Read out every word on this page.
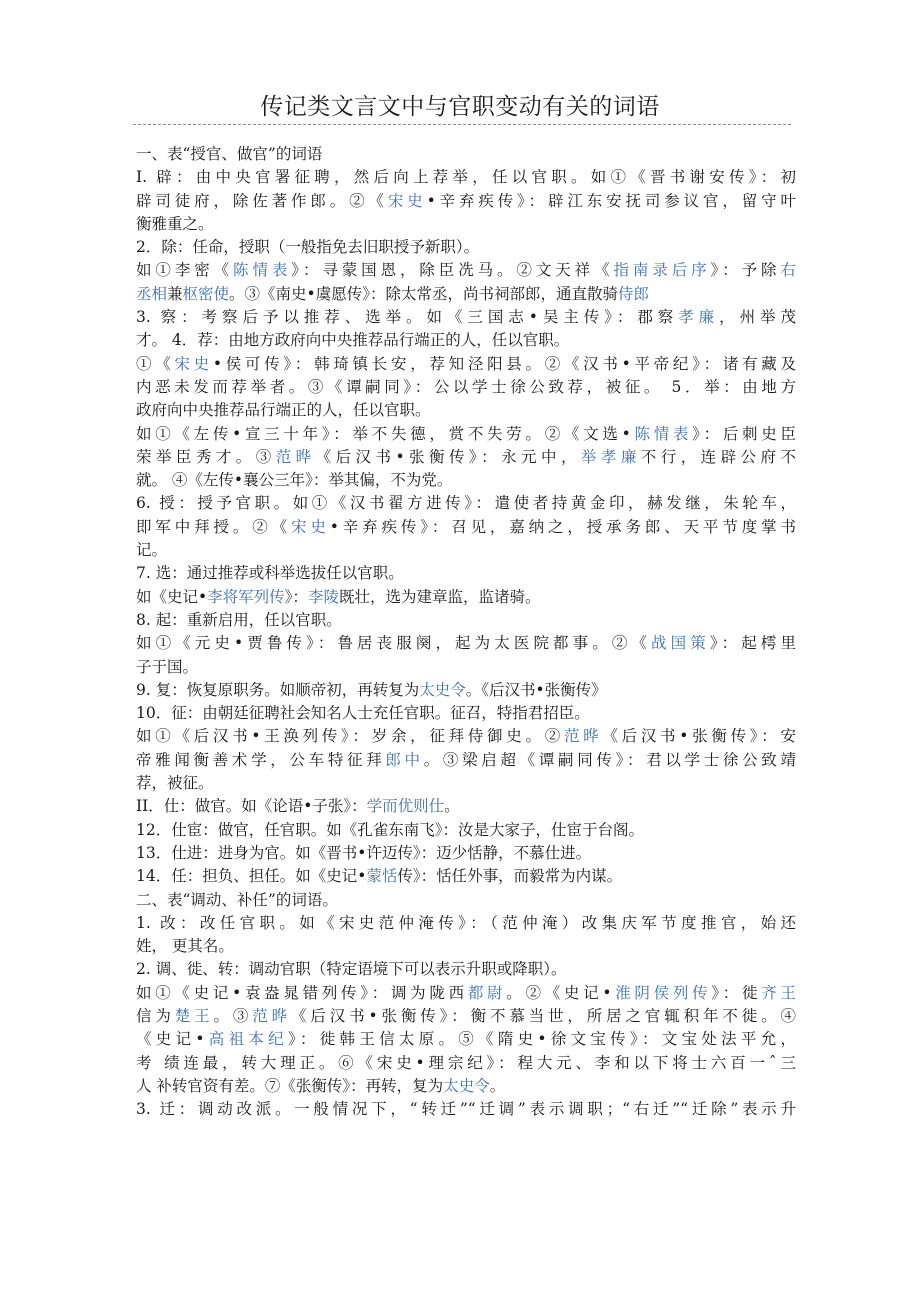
传记类文言文中与官职变动有关的词语
一、表“授官、做官”的词语
I. 辟：由中央官署征聘，然后向上荐举，任以官职。如①《晋书谢安传》：初
辟司徒府，除佐著作郎。②《宋史•辛弃疾传》：辟江东安抚司参议官，留守叶
衡雅重之。
2．除：任命，授职（一般指免去旧职授予新职）。
如①李密《陈情表》：寻蒙国恩，除臣冼马。②文天祥《指南录后序》：予除右
丞相兼枢密使。③《南史•虞愿传》：除太常丞，尚书祠部郎，通直散骑侍郎
3. 察：考察后予以推荐、选举。如《三国志•吴主传》：郡察孝廉，州举茂
才。 4．荐：由地方政府向中央推荐品行端正的人，任以官职。
①《宋史•侯可传》：韩琦镇长安，荐知泾阳县。②《汉书•平帝纪》：诸有藏及
内恶未发而荐举者。③《谭嗣同》：公以学士徐公致荐，被征。 5．举：由地方
政府向中央推荐品行端正的人，任以官职。
如①《左传•宣三十年》：举不失德，赏不失劳。②《文选•陈情表》：后刺史臣
荣举臣秀才。③范晔《后汉书•张衡传》：永元中，举孝廉不行，连辟公府不
就。 ④《左传•襄公三年》：举其偏，不为党。
6. 授：授予官职。如①《汉书翟方进传》：遣使者持黄金印，赫发继，朱轮车，
即军中拜授。②《宋史•辛弃疾传》：召见，嘉纳之，授承务郎、天平节度掌书
记。
7. 选：通过推荐或科举选拔任以官职。
如《史记•李将军列传》：李陵既壮，选为建章监，监诸骑。
8. 起：重新启用，任以官职。
如①《元史•贾鲁传》：鲁居丧服阕，起为太医院都事。②《战国策》：起樗里
子于国。
9. 复：恢复原职务。如顺帝初，再转复为太史令。《后汉书•张衡传》
10．征：由朝廷征聘社会知名人士充任官职。征召，特指君招臣。
如①《后汉书•王涣列传》：岁余，征拜侍御史。②范晔《后汉书•张衡传》：安
帝雅闻衡善术学，公车特征拜郎中。③梁启超《谭嗣同传》：君以学士徐公致靖
荐，被征。
II．仕：做官。如《论语•子张》：学而优则仕。
12．仕宦：做官，任官职。如《孔雀东南飞》：汝是大家子，仕宦于台阁。
13．仕进：进身为官。如《晋书•许迈传》：迈少恬静，不慕仕进。
14．任：担负、担任。如《史记•蒙恬传》：恬任外事，而毅常为内谋。
二、表“调动、补任”的词语。
1. 改：改任官职。如《宋史范仲淹传》：（范仲淹）改集庆军节度推官，始还
姓， 更其名。
2. 调、徙、转：调动官职（特定语境下可以表示升职或降职）。
如①《史记•袁盎晁错列传》：调为陇西都尉。②《史记•淮阴侯列传》：徙齐王
信为楚王。③范晔《后汉书•张衡传》：衡不慕当世，所居之官辄积年不徙。④
《史记•高祖本纪》：徙韩王信太原。⑤《隋史•徐文宝传》：文宝处法平允，
考 绩连最，转大理正。⑥《宋史•理宗纪》：程大元、李和以下将士六百一ˆ三
人 补转官资有差。⑦《张衡传》：再转，复为太史令。
3. 迁：调动改派。一般情况下，“转迁”“迁调”表示调职；“右迁”“迁除”表示升
